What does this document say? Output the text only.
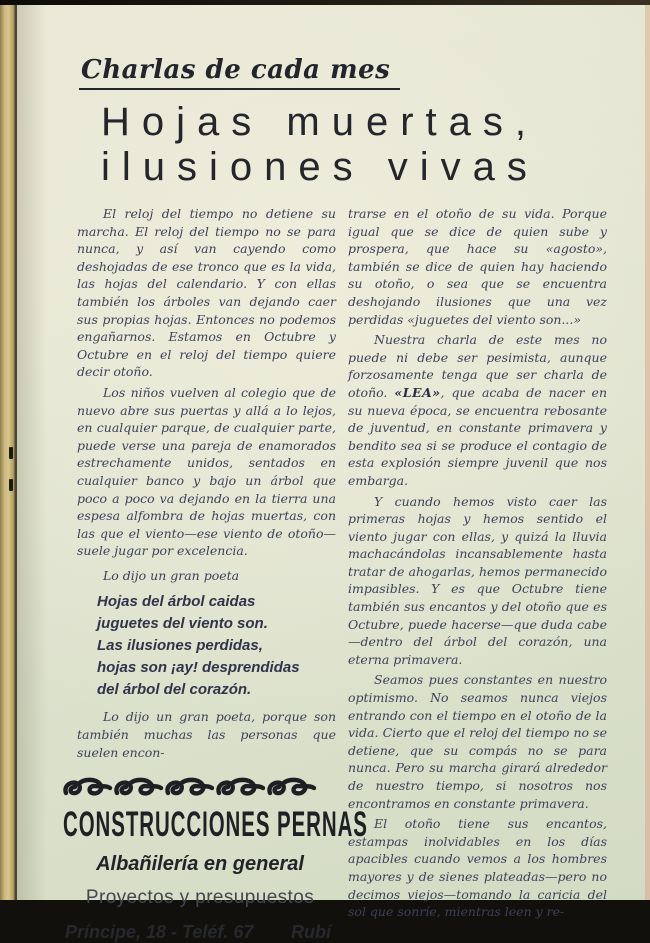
Charlas de cada mes
Hojas muertas,
ilusiones vivas

El reloj del tiempo no detiene su marcha. El reloj del tiempo no se para nunca, y así van cayendo como deshojadas de ese tronco que es la vida, las hojas del calendario. Y con ellas también los árboles van dejando caer sus propias hojas. Entonces no podemos engañarnos. Estamos en Octubre y Octubre en el reloj del tiempo quiere decir otoño.

Los niños vuelven al colegio que de nuevo abre sus puertas y allá a lo lejos, en cualquier parque, de cualquier parte, puede verse una pareja de enamorados estrechamente unidos, sentados en cualquier banco y bajo un árbol que poco a poco va dejando en la tierra una espesa alfombra de hojas muertas, con las que el viento—ese viento de otoño—suele jugar por excelencia.

Lo dijo un gran poeta

Hojas del árbol caidas
juguetes del viento son.
Las ilusiones perdidas,
hojas son ¡ay! desprendidas
del árbol del corazón.

Lo dijo un gran poeta, porque son también muchas las personas que suelen encon-

CONSTRUCCIONES PERNAS
Albañilería en general
Proyectos y presupuestos
Príncipe, 18 - Teléf. 67 Rubí

trarse en el otoño de su vida. Porque igual que se dice de quien sube y prospera, que hace su «agosto», también se dice de quien hay haciendo su otoño, o sea que se encuentra deshojando ilusiones que una vez perdidas «juguetes del viento son...»

Nuestra charla de este mes no puede ni debe ser pesimista, aunque forzosamente tenga que ser charla de otoño. «LEA», que acaba de nacer en su nueva época, se encuentra rebosante de juventud, en constante primavera y bendito sea si se produce el contagio de esta explosión siempre juvenil que nos embarga.

Y cuando hemos visto caer las primeras hojas y hemos sentido el viento jugar con ellas, y quizá la lluvia machacándolas incansablemente hasta tratar de ahogarlas, hemos permanecido impasibles. Y es que Octubre tiene también sus encantos y del otoño que es Octubre, puede hacerse—que duda cabe—dentro del árbol del corazón, una eterna primavera.

Seamos pues constantes en nuestro optimismo. No seamos nunca viejos entrando con el tiempo en el otoño de la vida. Cierto que el reloj del tiempo no se detiene, que su compás no se para nunca. Pero su marcha girará alrededor de nuestro tiempo, si nosotros nos encontramos en constante primavera.

El otoño tiene sus encantos, estampas inolvidables en los días apacibles cuando vemos a los hombres mayores y de sienes plateadas—pero no decimos viejos—tomando la caricia del sol que sonríe, mientras leen y re-
